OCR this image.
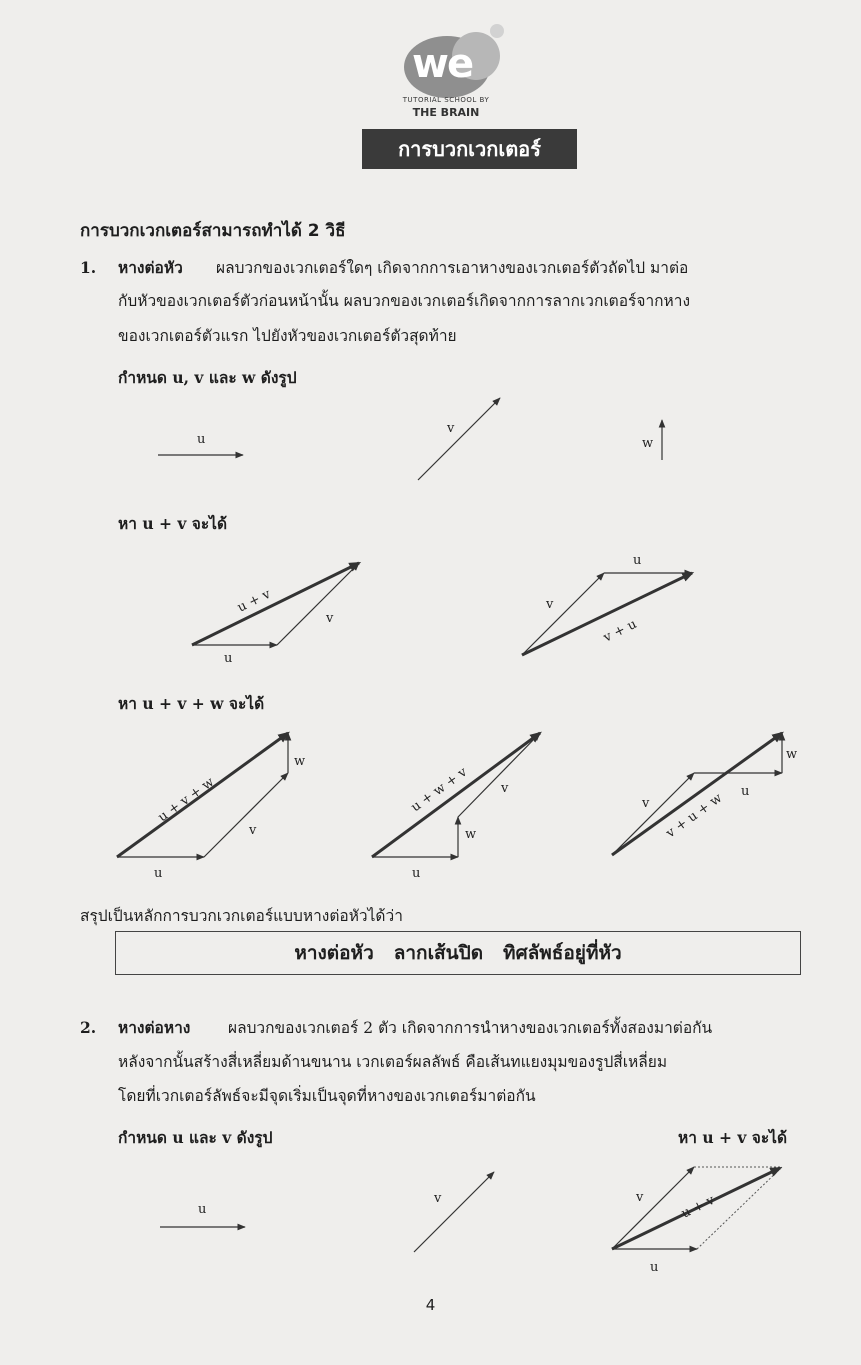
we
TUTORIAL SCHOOL BY
THE BRAIN
การบวกเวกเตอร์
การบวกเวกเตอร์สามารถทำได้ 2 วิธี
1. หางต่อหัว ผลบวกของเวกเตอร์ใดๆ เกิดจากการเอาหางของเวกเตอร์ตัวถัดไป มาต่อ
กับหัวของเวกเตอร์ตัวก่อนหน้านั้น ผลบวกของเวกเตอร์เกิดจากการลากเวกเตอร์จากหาง
ของเวกเตอร์ตัวแรก ไปยังหัวของเวกเตอร์ตัวสุดท้าย
กำหนด u, v และ w ดังรูป
หา u + v จะได้
หา u + v + w จะได้
สรุปเป็นหลักการบวกเวกเตอร์แบบหางต่อหัวได้ว่า
หางต่อหัว ลากเส้นปิด ทิศลัพธ์อยู่ที่หัว
2. หางต่อหาง ผลบวกของเวกเตอร์ 2 ตัว เกิดจากการนำหางของเวกเตอร์ทั้งสองมาต่อกัน
หลังจากนั้นสร้างสี่เหลี่ยมด้านขนาน เวกเตอร์ผลลัพธ์ คือเส้นทแยงมุมของรูปสี่เหลี่ยม
โดยที่เวกเตอร์ลัพธ์จะมีจุดเริ่มเป็นจุดที่หางของเวกเตอร์มาต่อกัน
กำหนด u และ v ดังรูป	หา u + v จะได้
u
v
w
u
v
u + v	v
u
v + u
u
v
w
u + v + w
u
w
v
u + w + v	v
u
w
v + u + w
u
v	v
u
u + v
4
